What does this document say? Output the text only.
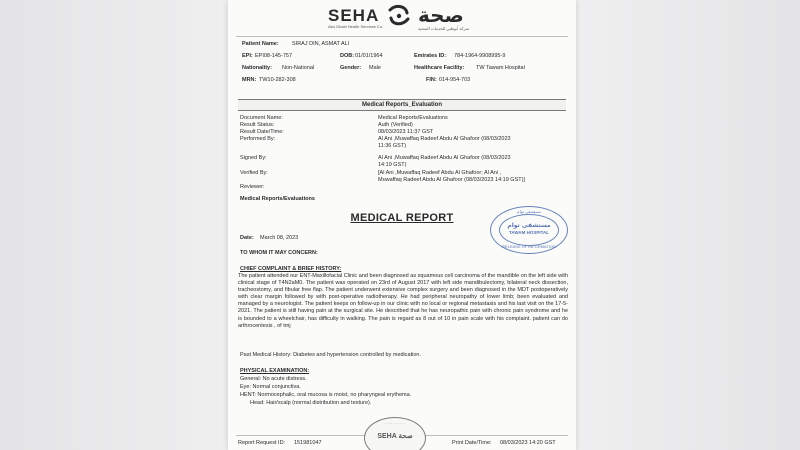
SEHA
Abu Dhabi Health Services Co. صحة
شركة أبوظبي للخدمات الصحية
Patient Name: SIRAJ DIN, ASMAT ALI
EPI: EPI08-145-757	DOB: 01/01/1964	Emirates ID: 784-1964-9908995-9
Nationality: Non-National	Gender: Male	Healthcare Facility: TW Tawam Hospital
MRN: TW10-282-308	FIN: 014-954-703
Medical Reports_Evaluation
Document Name:	Medical Reports/Evaluations
Result Status:	Auth (Verified)
Result Date/Time:	08/03/2023 11:37 GST
Performed By:	Al Ani ,Muwaffaq Radeef Abdu Al Ghafoor (08/03/2023
11:36 GST)
Signed By:	Al Ani ,Muwaffaq Radeef Abdu Al Ghafoor (08/03/2023
14:19 GST)
Verified By:	[Al Ani ,Muwaffaq Radeef Abdu Al Ghafoor; Al Ani ,
Muwaffaq Radeef Abdu Al Ghafoor (08/03/2023 14:19 GST)]
Reviewer:
Medical Reports/Evaluations
MEDICAL REPORT
مستشفى توام
مستشفى توام
TAWAM HOSPITAL
RELEASE OF INFORMATION
Date: March 08, 2023
TO WHOM IT MAY CONCERN:
CHIEF COMPLAINT & BRIEF HISTORY:
The patient attended our ENT-Maxillofacial Clinic and been diagnosed as squamous cell carcinoma of the mandible on the left side with clinical stage of T4N2aM0. The patient was operated on 23rd of August 2017 with left side mandibulectomy, bilateral neck dissection, tracheostomy, and fibular free flap. The patient underwent extensive complex surgery and been diagnosed in the MDT postoperatively with clear margin followed by with post-operative radiotherapy. He had peripheral neuropathy of lower limb; been evaluated and managed by a neurologist. The patient keeps on follow-up in our clinic with no local or regional metastasis and his last visit on the 17-5- 2021. The patient is still having pain at the surgical site. He described that he has neuropathic pain with chronic pain syndrome and he is bounded to a wheelchair, has difficulty in walking. The pain is regard as 8 out of 10 in pain scale with his complaint. patient can do arthrocentesis , of tmj
Past Medical History: Diabetes and hypertension controlled by medication.
PHYSICAL EXAMINATION:
General: No acute distress.
Eye: Normal conjunctiva.
HENT: Normocephalic, oral mucosa is moist, no pharyngeal erythema.
Head: Hair/scalp (normal distribution and texture).
Report Request ID: 151981047
· · · · · · · · · ·
SEHA صحة
Print Date/Time: 08/03/2023 14:20 GST
